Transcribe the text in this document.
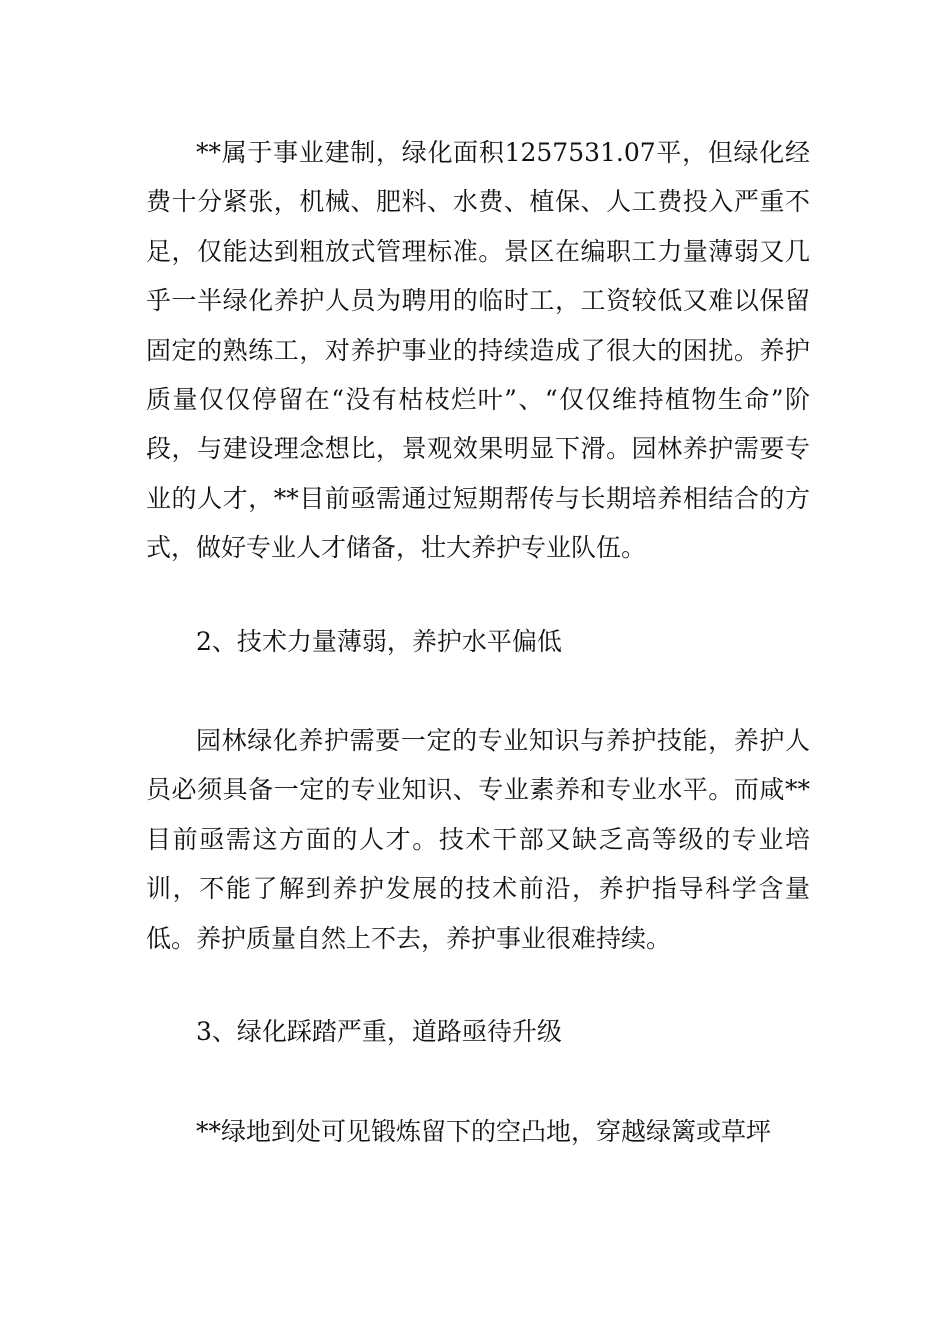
**属于事业建制，绿化面积1257531.07平，但绿化经费十分紧张，机械、肥料、水费、植保、人工费投入严重不足，仅能达到粗放式管理标准。景区在编职工力量薄弱又几乎一半绿化养护人员为聘用的临时工，工资较低又难以保留固定的熟练工，对养护事业的持续造成了很大的困扰。养护质量仅仅停留在“没有枯枝烂叶”、“仅仅维持植物生命”阶段，与建设理念想比，景观效果明显下滑。园林养护需要专业的人才，**目前亟需通过短期帮传与长期培养相结合的方式，做好专业人才储备，壮大养护专业队伍。

2、技术力量薄弱，养护水平偏低

园林绿化养护需要一定的专业知识与养护技能，养护人员必须具备一定的专业知识、专业素养和专业水平。而咸**目前亟需这方面的人才。技术干部又缺乏高等级的专业培训，不能了解到养护发展的技术前沿，养护指导科学含量低。养护质量自然上不去，养护事业很难持续。

3、绿化踩踏严重，道路亟待升级

**绿地到处可见锻炼留下的空凸地，穿越绿篱或草坪
